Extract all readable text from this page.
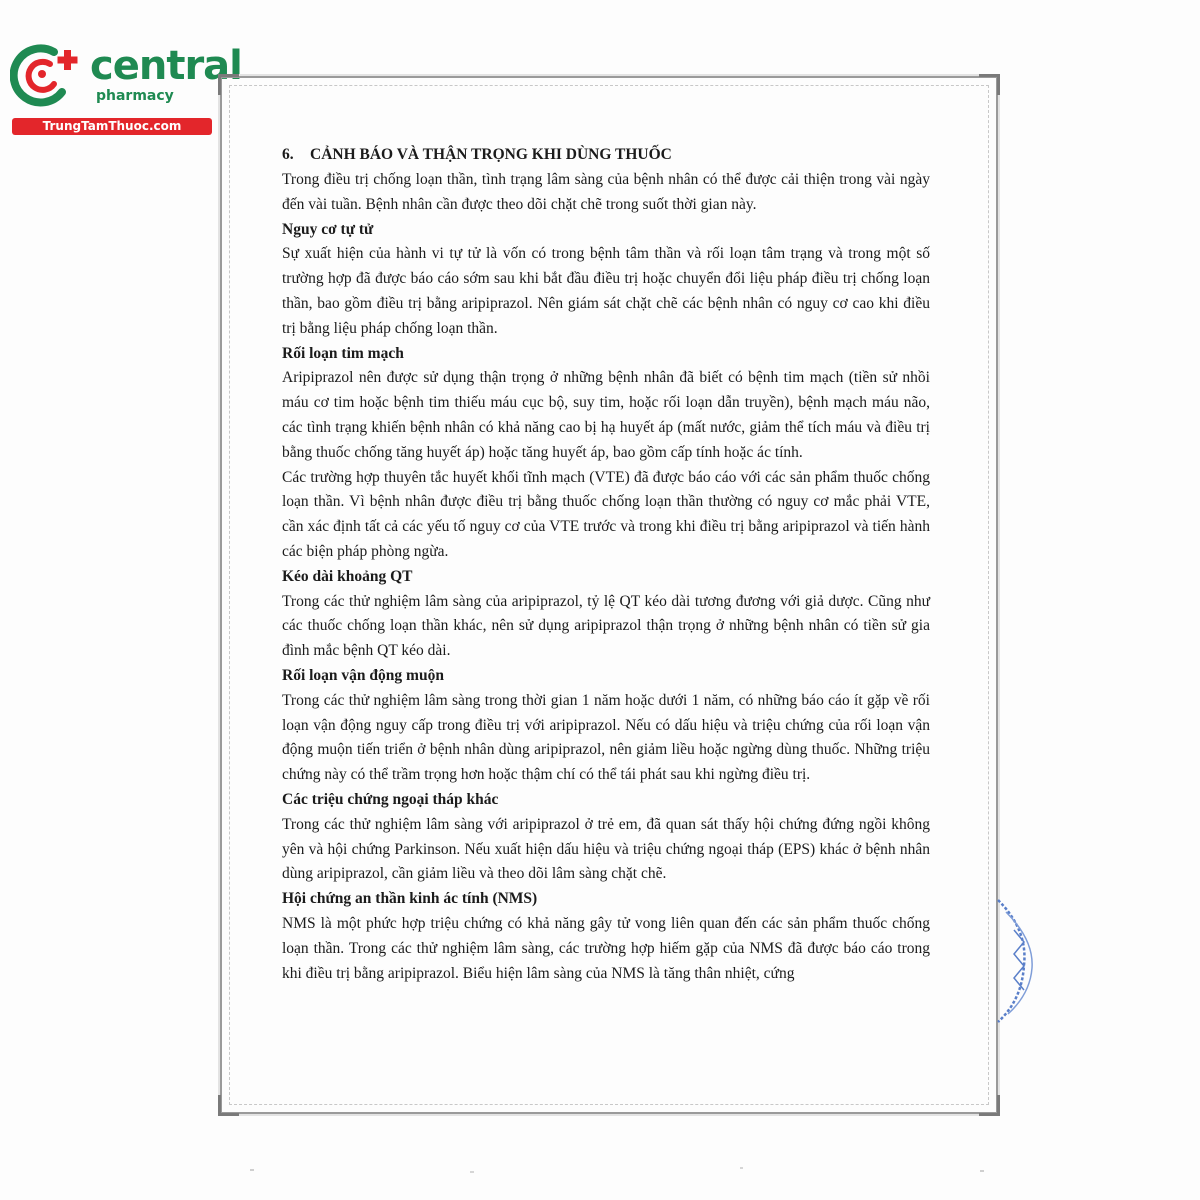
central
pharmacy
TrungTamThuoc.com

6. CẢNH BÁO VÀ THẬN TRỌNG KHI DÙNG THUỐC

Trong điều trị chống loạn thần, tình trạng lâm sàng của bệnh nhân có thể được cải thiện trong vài ngày đến vài tuần. Bệnh nhân cần được theo dõi chặt chẽ trong suốt thời gian này.

Nguy cơ tự tử

Sự xuất hiện của hành vi tự tử là vốn có trong bệnh tâm thần và rối loạn tâm trạng và trong một số trường hợp đã được báo cáo sớm sau khi bắt đầu điều trị hoặc chuyển đổi liệu pháp điều trị chống loạn thần, bao gồm điều trị bằng aripiprazol. Nên giám sát chặt chẽ các bệnh nhân có nguy cơ cao khi điều trị bằng liệu pháp chống loạn thần.

Rối loạn tim mạch

Aripiprazol nên được sử dụng thận trọng ở những bệnh nhân đã biết có bệnh tim mạch (tiền sử nhồi máu cơ tim hoặc bệnh tim thiếu máu cục bộ, suy tim, hoặc rối loạn dẫn truyền), bệnh mạch máu não, các tình trạng khiến bệnh nhân có khả năng cao bị hạ huyết áp (mất nước, giảm thể tích máu và điều trị bằng thuốc chống tăng huyết áp) hoặc tăng huyết áp, bao gồm cấp tính hoặc ác tính.

Các trường hợp thuyên tắc huyết khối tĩnh mạch (VTE) đã được báo cáo với các sản phẩm thuốc chống loạn thần. Vì bệnh nhân được điều trị bằng thuốc chống loạn thần thường có nguy cơ mắc phải VTE, cần xác định tất cả các yếu tố nguy cơ của VTE trước và trong khi điều trị bằng aripiprazol và tiến hành các biện pháp phòng ngừa.

Kéo dài khoảng QT

Trong các thử nghiệm lâm sàng của aripiprazol, tỷ lệ QT kéo dài tương đương với giả dược. Cũng như các thuốc chống loạn thần khác, nên sử dụng aripiprazol thận trọng ở những bệnh nhân có tiền sử gia đình mắc bệnh QT kéo dài.

Rối loạn vận động muộn

Trong các thử nghiệm lâm sàng trong thời gian 1 năm hoặc dưới 1 năm, có những báo cáo ít gặp về rối loạn vận động nguy cấp trong điều trị với aripiprazol. Nếu có dấu hiệu và triệu chứng của rối loạn vận động muộn tiến triển ở bệnh nhân dùng aripiprazol, nên giảm liều hoặc ngừng dùng thuốc. Những triệu chứng này có thể trầm trọng hơn hoặc thậm chí có thể tái phát sau khi ngừng điều trị.

Các triệu chứng ngoại tháp khác

Trong các thử nghiệm lâm sàng với aripiprazol ở trẻ em, đã quan sát thấy hội chứng đứng ngồi không yên và hội chứng Parkinson. Nếu xuất hiện dấu hiệu và triệu chứng ngoại tháp (EPS) khác ở bệnh nhân dùng aripiprazol, cần giảm liều và theo dõi lâm sàng chặt chẽ.

Hội chứng an thần kinh ác tính (NMS)

NMS là một phức hợp triệu chứng có khả năng gây tử vong liên quan đến các sản phẩm thuốc chống loạn thần. Trong các thử nghiệm lâm sàng, các trường hợp hiếm gặp của NMS đã được báo cáo trong khi điều trị bằng aripiprazol. Biểu hiện lâm sàng của NMS là tăng thân nhiệt, cứng
